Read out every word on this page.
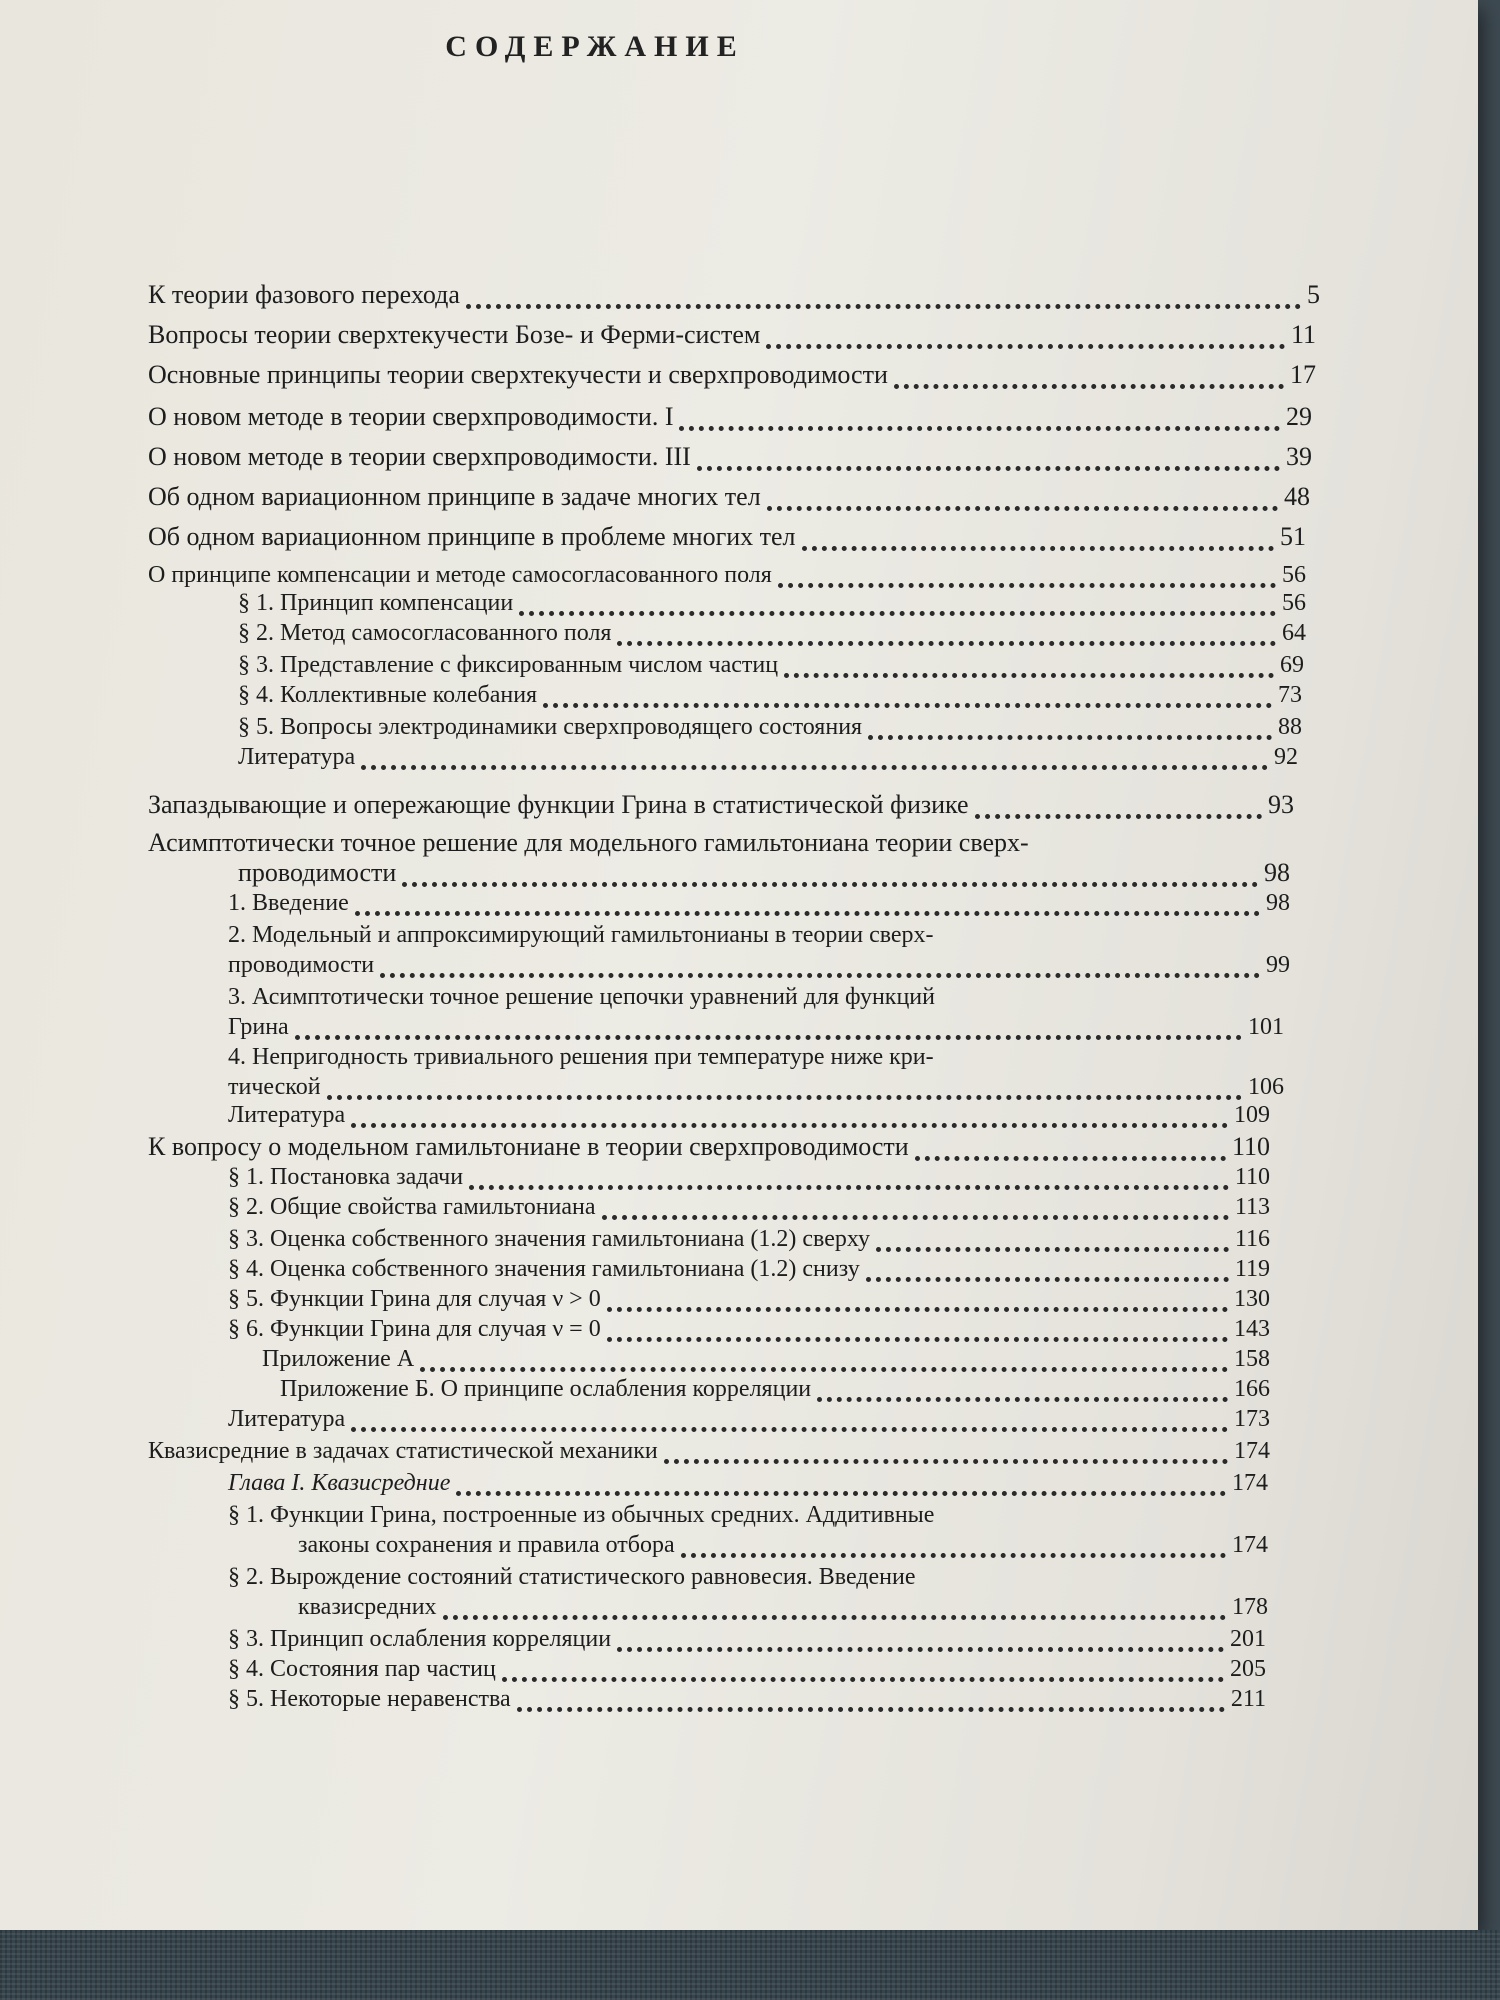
СОДЕРЖАНИЕ
К теории фазового перехода	5
Вопросы теории сверхтекучести Бозе- и Ферми-систем	11
Основные принципы теории сверхтекучести и сверхпроводимости	17
О новом методе в теории сверхпроводимости. I	29
О новом методе в теории сверхпроводимости. III	39
Об одном вариационном принципе в задаче многих тел	48
Об одном вариационном принципе в проблеме многих тел	51
О принципе компенсации и методе самосогласованного поля	56
§ 1. Принцип компенсации	56
§ 2. Метод самосогласованного поля	64
§ 3. Представление с фиксированным числом частиц	69
§ 4. Коллективные колебания	73
§ 5. Вопросы электродинамики сверхпроводящего состояния	88
Литература	92
Запаздывающие и опережающие функции Грина в статистической физике	93
Асимптотически точное решение для модельного гамильтониана теории сверх-
проводимости	98
1. Введение	98
2. Модельный и аппроксимирующий гамильтонианы в теории сверх-
проводимости	99
3. Асимптотически точное решение цепочки уравнений для функций
Грина	101
4. Непригодность тривиального решения при температуре ниже кри-
тической	106
Литература	109
К вопросу о модельном гамильтониане в теории сверхпроводимости	110
§ 1. Постановка задачи	110
§ 2. Общие свойства гамильтониана	113
§ 3. Оценка собственного значения гамильтониана (1.2) сверху	116
§ 4. Оценка собственного значения гамильтониана (1.2) снизу	119
§ 5. Функции Грина для случая ν > 0	130
§ 6. Функции Грина для случая ν = 0	143
Приложение А	158
Приложение Б. О принципе ослабления корреляции	166
Литература	173
Квазисредние в задачах статистической механики	174
Глава I. Квазисредние	174
§ 1. Функции Грина, построенные из обычных средних. Аддитивные
законы сохранения и правила отбора	174
§ 2. Вырождение состояний статистического равновесия. Введение
квазисредних	178
§ 3. Принцип ослабления корреляции	201
§ 4. Состояния пар частиц	205
§ 5. Некоторые неравенства	211
